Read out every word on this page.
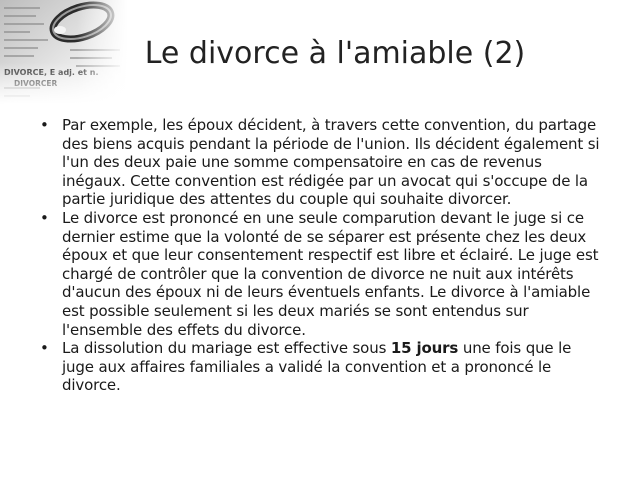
Le divorce à l'amiable (2)
• Par exemple, les époux décident, à travers cette convention, du partage des biens acquis pendant la période de l'union. Ils décident également si l'un des deux paie une somme compensatoire en cas de revenus inégaux. Cette convention est rédigée par un avocat qui s'occupe de la partie juridique des attentes du couple qui souhaite divorcer.
• Le divorce est prononcé en une seule comparution devant le juge si ce dernier estime que la volonté de se séparer est présente chez les deux époux et que leur consentement respectif est libre et éclairé. Le juge est chargé de contrôler que la convention de divorce ne nuit aux intérêts d'aucun des époux ni de leurs éventuels enfants. Le divorce à l'amiable est possible seulement si les deux mariés se sont entendus sur l'ensemble des effets du divorce.
• La dissolution du mariage est effective sous 15 jours une fois que le juge aux affaires familiales a validé la convention et a prononcé le divorce.
